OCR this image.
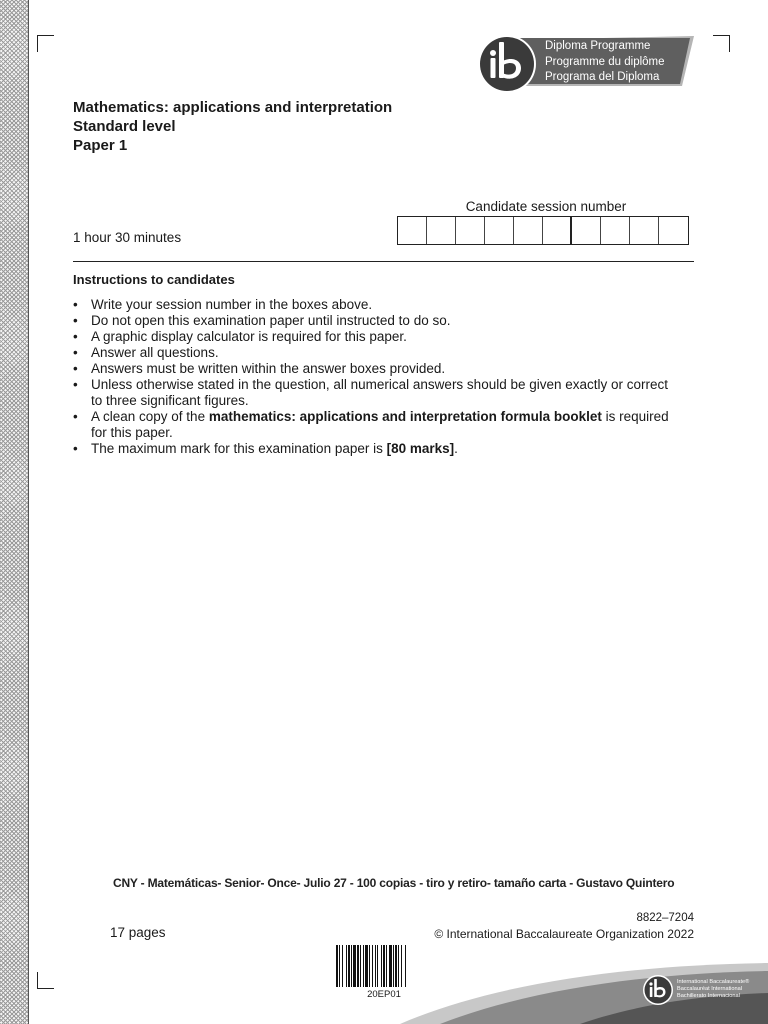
Diploma Programme
Programme du diplôme
Programa del Diploma
Mathematics: applications and interpretation
Standard level
Paper 1
Candidate session number
1 hour 30 minutes
Instructions to candidates
• Write your session number in the boxes above.
• Do not open this examination paper until instructed to do so.
• A graphic display calculator is required for this paper.
• Answer all questions.
• Answers must be written within the answer boxes provided.
• Unless otherwise stated in the question, all numerical answers should be given exactly or correct to three significant figures.
• A clean copy of the mathematics: applications and interpretation formula booklet is required for this paper.
• The maximum mark for this examination paper is [80 marks].
CNY - Matemáticas- Senior- Once- Julio 27 - 100 copias - tiro y retiro- tamaño carta - Gustavo Quintero
8822–7204
17 pages	© International Baccalaureate Organization 2022
20EP01
International Baccalaureate®
Baccalauréat International
Bachillerato Internacional
